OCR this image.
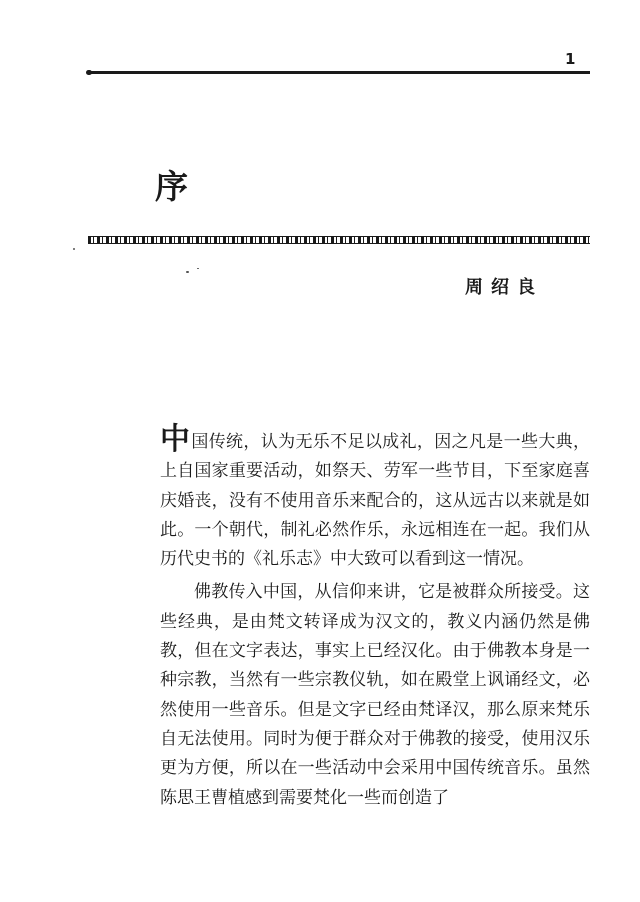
1
序
周绍良

中国传统，认为无乐不足以成礼，因之凡是一些大典，上自国家重要活动，如祭天、劳军一些节目，下至家庭喜庆婚丧，没有不使用音乐来配合的，这从远古以来就是如此。一个朝代，制礼必然作乐，永远相连在一起。我们从历代史书的《礼乐志》中大致可以看到这一情况。

佛教传入中国，从信仰来讲，它是被群众所接受。这些经典，是由梵文转译成为汉文的，教义内涵仍然是佛教，但在文字表达，事实上已经汉化。由于佛教本身是一种宗教，当然有一些宗教仪轨，如在殿堂上讽诵经文，必然使用一些音乐。但是文字已经由梵译汉，那么原来梵乐自无法使用。同时为便于群众对于佛教的接受，使用汉乐更为方便，所以在一些活动中会采用中国传统音乐。虽然陈思王曹植感到需要梵化一些而创造了
